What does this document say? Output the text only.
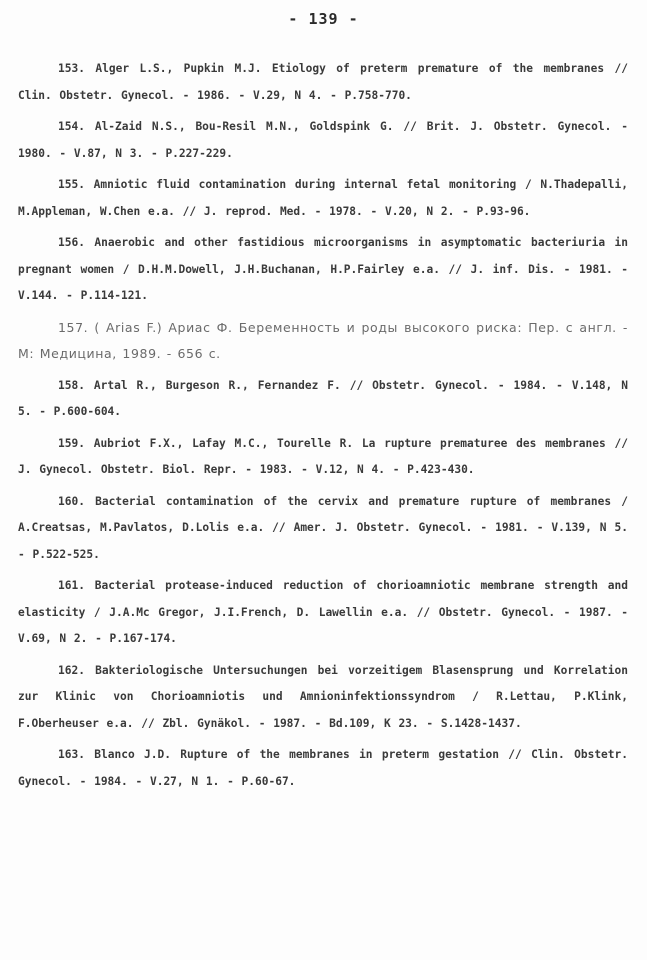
- 139 -

153. Alger L.S., Pupkin M.J. Etiology of preterm premature of the membranes // Clin. Obstetr. Gynecol. - 1986. - V.29, N 4. - P.758-770.

154. Al-Zaid N.S., Bou-Resil M.N., Goldspink G. // Brit. J. Obstetr. Gynecol. - 1980. - V.87, N 3. - P.227-229.

155. Amniotic fluid contamination during internal fetal monitoring / N.Thadepalli, M.Appleman, W.Chen e.a. // J. reprod. Med. - 1978. - V.20, N 2. - P.93-96.

156. Anaerobic and other fastidious microorganisms in asymptomatic bacteriuria in pregnant women / D.H.M.Dowell, J.H.Buchanan, H.P.Fairley e.a. // J. inf. Dis. - 1981. - V.144. - P.114-121.

157. ( Arias F.) Ариас Ф. Беременность и роды высокого риска: Пер. с англ. - М: Медицина, 1989. - 656 с.

158. Artal R., Burgeson R., Fernandez F. // Obstetr. Gynecol. - 1984. - V.148, N 5. - P.600-604.

159. Aubriot F.X., Lafay M.C., Tourelle R. La rupture prematuree des membranes // J. Gynecol. Obstetr. Biol. Repr. - 1983. - V.12, N 4. - P.423-430.

160. Bacterial contamination of the cervix and premature rupture of membranes / A.Creatsas, M.Pavlatos, D.Lolis e.a. // Amer. J. Obstetr. Gynecol. - 1981. - V.139, N 5. - P.522-525.

161. Bacterial protease-induced reduction of chorioamniotic membrane strength and elasticity / J.A.Mc Gregor, J.I.French, D. Lawellin e.a. // Obstetr. Gynecol. - 1987. - V.69, N 2. - P.167-174.

162. Bakteriologische Untersuchungen bei vorzeitigem Blasensprung und Korrelation zur Klinic von Chorioamniotis und Amnioninfektionssyndrom / R.Lettau, P.Klink, F.Oberheuser e.a. // Zbl. Gynäkol. - 1987. - Bd.109, K 23. - S.1428-1437.

163. Blanco J.D. Rupture of the membranes in preterm gestation // Clin. Obstetr. Gynecol. - 1984. - V.27, N 1. - P.60-67.
